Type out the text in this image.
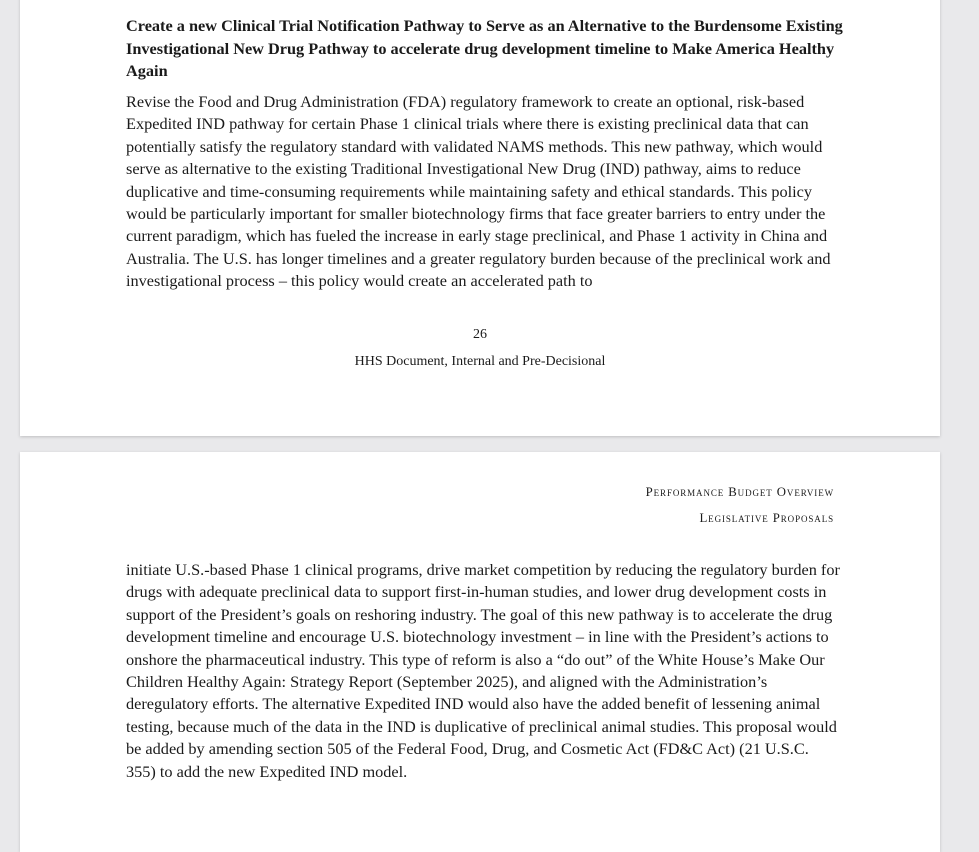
Create a new Clinical Trial Notification Pathway to Serve as an Alternative to the Burdensome Existing Investigational New Drug Pathway to accelerate drug development timeline to Make America Healthy Again

Revise the Food and Drug Administration (FDA) regulatory framework to create an optional, risk-based Expedited IND pathway for certain Phase 1 clinical trials where there is existing preclinical data that can potentially satisfy the regulatory standard with validated NAMS methods. This new pathway, which would serve as alternative to the existing Traditional Investigational New Drug (IND) pathway, aims to reduce duplicative and time-consuming requirements while maintaining safety and ethical standards. This policy would be particularly important for smaller biotechnology firms that face greater barriers to entry under the current paradigm, which has fueled the increase in early stage preclinical, and Phase 1 activity in China and Australia. The U.S. has longer timelines and a greater regulatory burden because of the preclinical work and investigational process – this policy would create an accelerated path to

26
HHS Document, Internal and Pre-Decisional
Performance Budget Overview
Legislative Proposals

initiate U.S.-based Phase 1 clinical programs, drive market competition by reducing the regulatory burden for drugs with adequate preclinical data to support first-in-human studies, and lower drug development costs in support of the President’s goals on reshoring industry. The goal of this new pathway is to accelerate the drug development timeline and encourage U.S. biotechnology investment – in line with the President’s actions to onshore the pharmaceutical industry. This type of reform is also a “do out” of the White House’s Make Our Children Healthy Again: Strategy Report (September 2025), and aligned with the Administration’s deregulatory efforts. The alternative Expedited IND would also have the added benefit of lessening animal testing, because much of the data in the IND is duplicative of preclinical animal studies. This proposal would be added by amending section 505 of the Federal Food, Drug, and Cosmetic Act (FD&C Act) (21 U.S.C. 355) to add the new Expedited IND model.
